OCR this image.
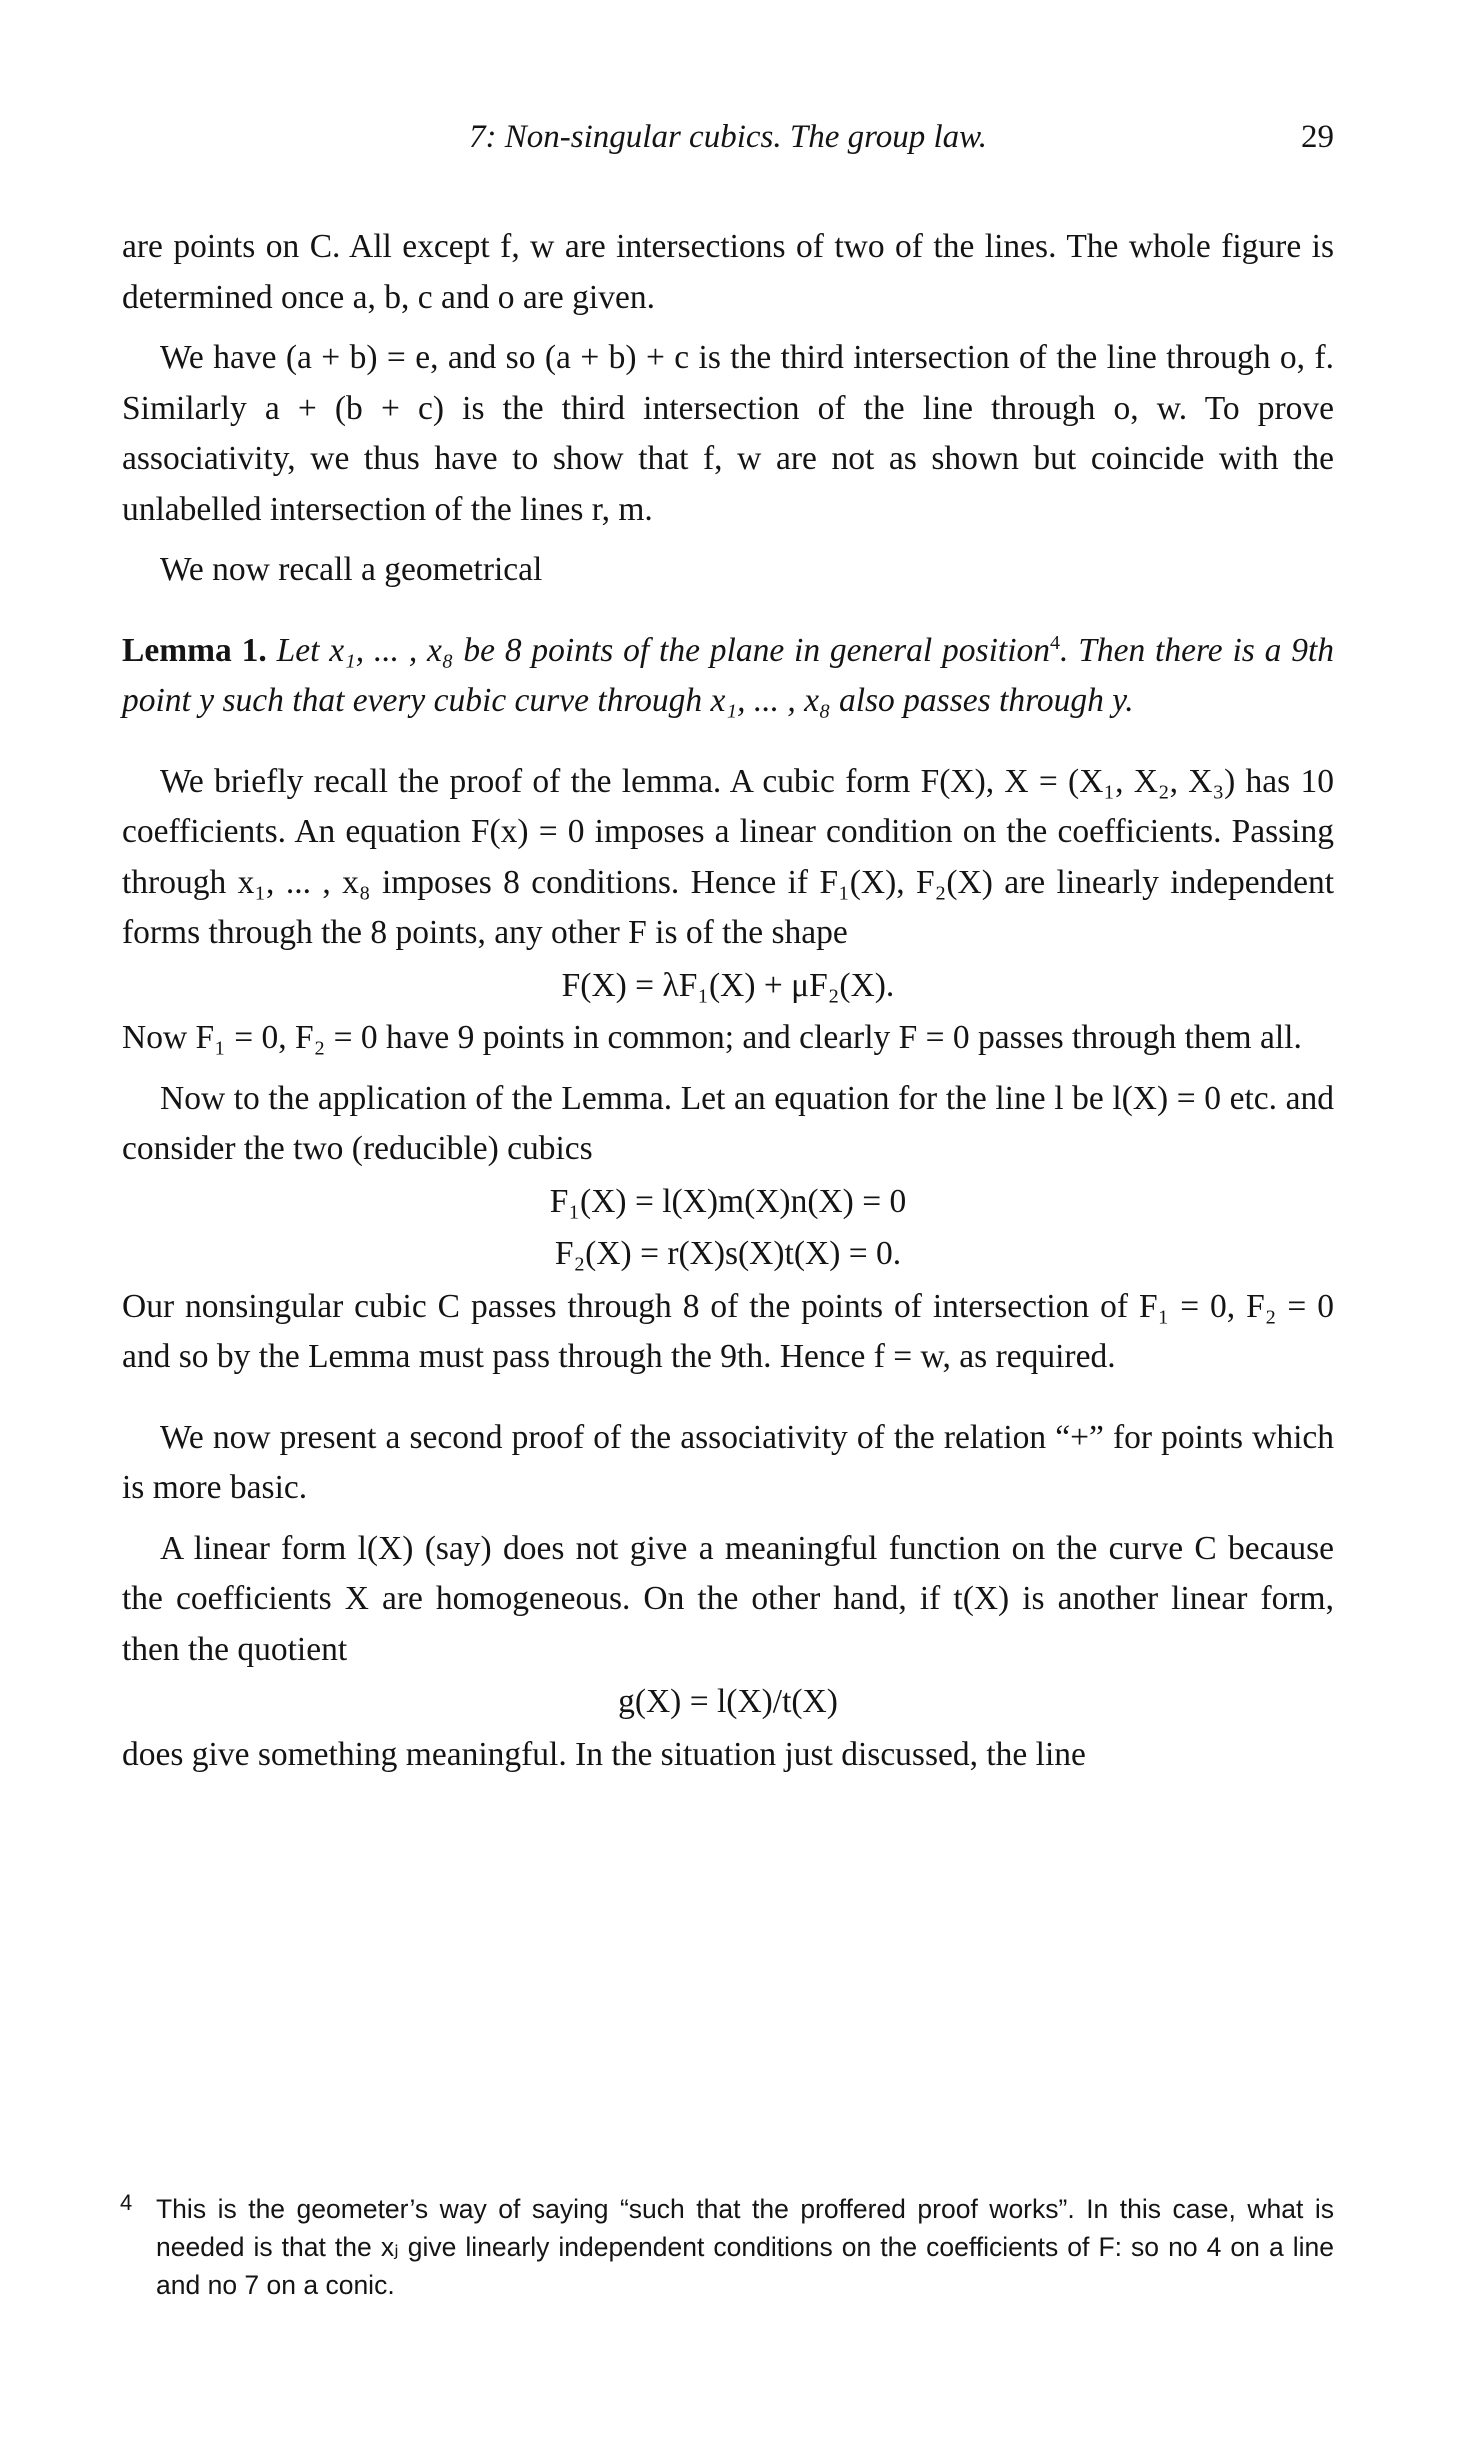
7: Non-singular cubics. The group law.	29

are points on C. All except f, w are intersections of two of the lines. The whole figure is determined once a, b, c and o are given.

We have (a + b) = e, and so (a + b) + c is the third intersection of the line through o, f. Similarly a + (b + c) is the third intersection of the line through o, w. To prove associativity, we thus have to show that f, w are not as shown but coincide with the unlabelled intersection of the lines r, m.

We now recall a geometrical

Lemma 1. Let x₁, ... , x₈ be 8 points of the plane in general position$^4$. Then there is a 9th point y such that every cubic curve through x₁, ... , x₈ also passes through y.

We briefly recall the proof of the lemma. A cubic form F(X), X = (X₁, X₂, X₃) has 10 coefficients. An equation F(x) = 0 imposes a linear condition on the coefficients. Passing through x₁, ... , x₈ imposes 8 conditions. Hence if F₁(X), F₂(X) are linearly independent forms through the 8 points, any other F is of the shape

F(X) = λF₁(X) + μF₂(X).

Now F₁ = 0, F₂ = 0 have 9 points in common; and clearly F = 0 passes through them all.

Now to the application of the Lemma. Let an equation for the line l be l(X) = 0 etc. and consider the two (reducible) cubics

F₁(X) = l(X)m(X)n(X) = 0

F₂(X) = r(X)s(X)t(X) = 0.

Our nonsingular cubic C passes through 8 of the points of intersection of F₁ = 0, F₂ = 0 and so by the Lemma must pass through the 9th. Hence f = w, as required.

We now present a second proof of the associativity of the relation “+” for points which is more basic.

A linear form l(X) (say) does not give a meaningful function on the curve C because the coefficients X are homogeneous. On the other hand, if t(X) is another linear form, then the quotient

g(X) = l(X)/t(X)

does give something meaningful. In the situation just discussed, the line

4 This is the geometer’s way of saying “such that the proffered proof works”. In this case, what is needed is that the xⱼ give linearly independent conditions on the coefficients of F: so no 4 on a line and no 7 on a conic.
